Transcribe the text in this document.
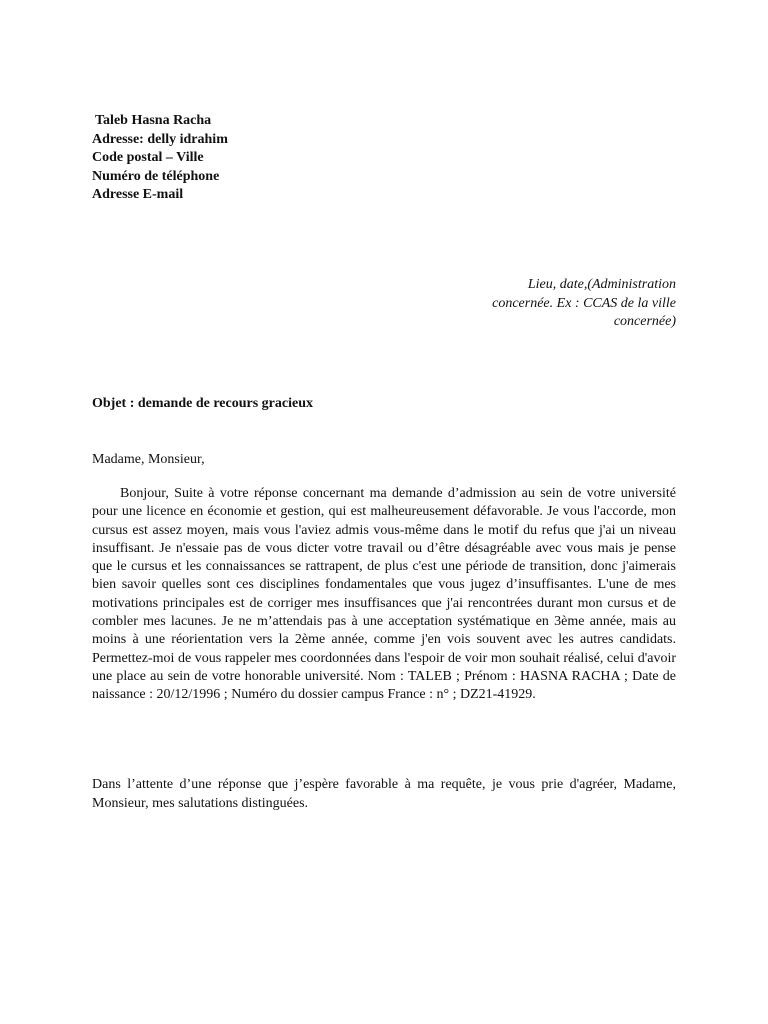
Taleb Hasna Racha
Adresse: delly idrahim
Code postal – Ville
Numéro de téléphone
Adresse E-mail
Lieu, date,(Administration
concernée. Ex : CCAS de la ville
concernée)
Objet : demande de recours gracieux
Madame, Monsieur,

Bonjour, Suite à votre réponse concernant ma demande d’admission au sein de votre université pour une licence en économie et gestion, qui est malheureusement défavorable. Je vous l'accorde, mon cursus est assez moyen, mais vous l'aviez admis vous-même dans le motif du refus que j'ai un niveau insuffisant. Je n'essaie pas de vous dicter votre travail ou d’être désagréable avec vous mais je pense que le cursus et les connaissances se rattrapent, de plus c'est une période de transition, donc j'aimerais bien savoir quelles sont ces disciplines fondamentales que vous jugez d’insuffisantes. L'une de mes motivations principales est de corriger mes insuffisances que j'ai rencontrées durant mon cursus et de combler mes lacunes. Je ne m’attendais pas à une acceptation systématique en 3ème année, mais au moins à une réorientation vers la 2ème année, comme j'en vois souvent avec les autres candidats. Permettez-moi de vous rappeler mes coordonnées dans l'espoir de voir mon souhait réalisé, celui d'avoir une place au sein de votre honorable université. Nom : TALEB ; Prénom : HASNA RACHA ; Date de naissance : 20/12/1996 ; Numéro du dossier campus France : n° ; DZ21-41929.

Dans l’attente d’une réponse que j’espère favorable à ma requête, je vous prie d'agréer, Madame, Monsieur, mes salutations distinguées.
